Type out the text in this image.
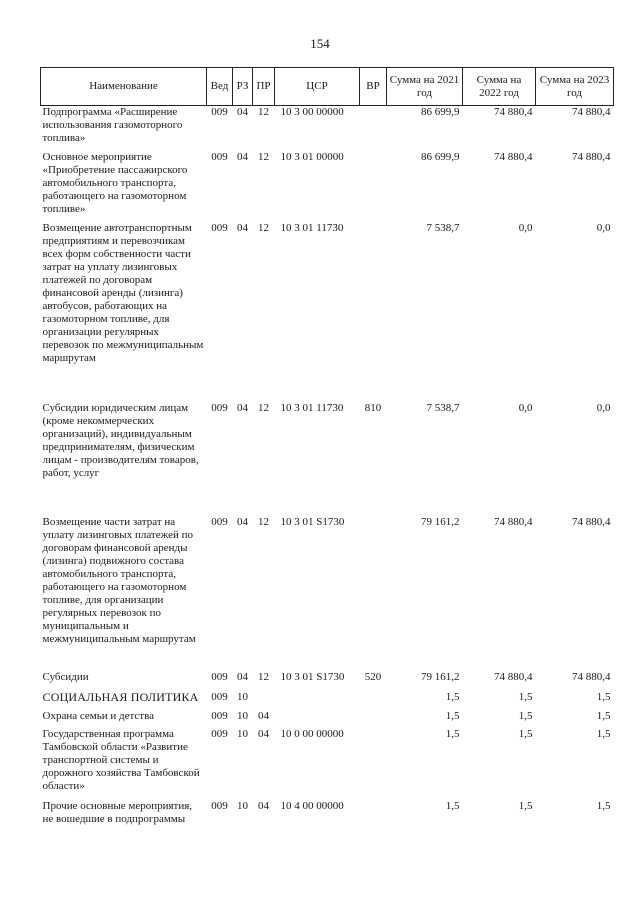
154
Наименование	Вед	РЗ	ПР	ЦСР	ВР	Сумма на 2021 год	Сумма на 2022 год	Сумма на 2023 год
Подпрограмма «Расширение использования газомоторного топлива»	009	04	12	10 3 00 00000		86 699,9	74 880,4	74 880,4
Основное мероприятие «Приобретение пассажирского автомобильного транспорта, работающего на газомоторном топливе»	009	04	12	10 3 01 00000		86 699,9	74 880,4	74 880,4
Возмещение автотранспортным предприятиям и перевозчикам всех форм собственности части затрат на уплату лизинговых платежей по договорам финансовой аренды (лизинга) автобусов, работающих на газомоторном топливе, для организации регулярных перевозок по межмуниципальным маршрутам	009	04	12	10 3 01 11730		7 538,7	0,0	0,0
Субсидии юридическим лицам (кроме некоммерческих организаций), индивидуальным предпринимателям, физическим лицам - производителям товаров, работ, услуг	009	04	12	10 3 01 11730	810	7 538,7	0,0	0,0
Возмещение части затрат на уплату лизинговых платежей по договорам финансовой аренды (лизинга) подвижного состава автомобильного транспорта, работающего на газомоторном топливе, для организации регулярных перевозок по муниципальным и межмуниципальным маршрутам	009	04	12	10 3 01 S1730		79 161,2	74 880,4	74 880,4
Субсидии	009	04	12	10 3 01 S1730	520	79 161,2	74 880,4	74 880,4
СОЦИАЛЬНАЯ ПОЛИТИКА	009	10				1,5	1,5	1,5
Охрана семьи и детства	009	10	04			1,5	1,5	1,5
Государственная программа Тамбовской области «Развитие транспортной системы и дорожного хозяйства Тамбовской области»	009	10	04	10 0 00 00000		1,5	1,5	1,5
Прочие основные мероприятия, не вошедшие в подпрограммы	009	10	04	10 4 00 00000		1,5	1,5	1,5
